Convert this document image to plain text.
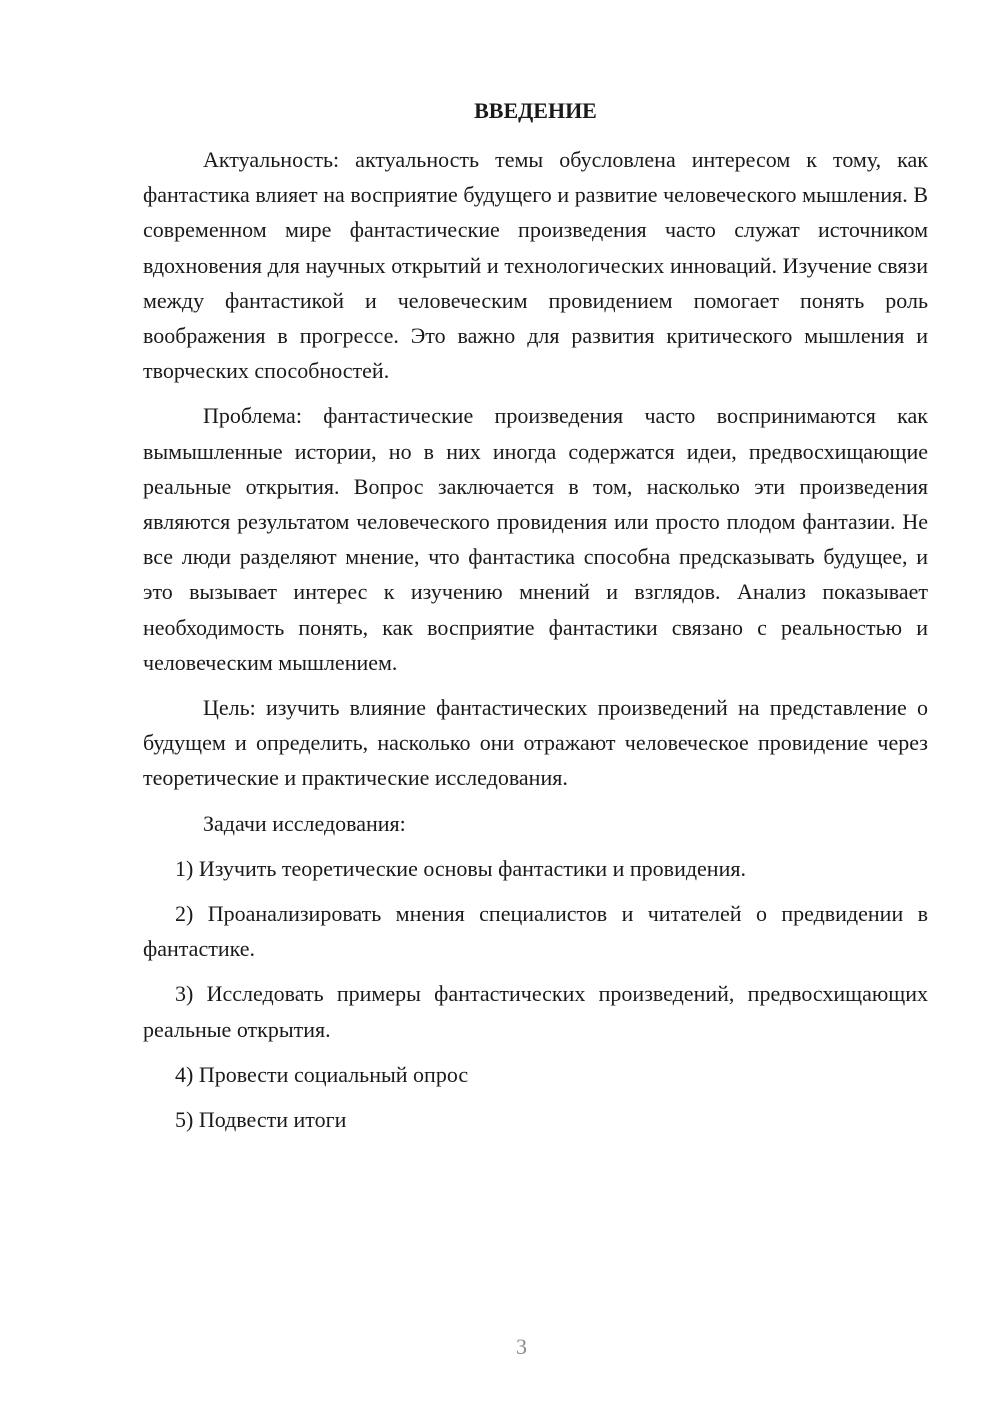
ВВЕДЕНИЕ

Актуальность: актуальность темы обусловлена интересом к тому, как фантастика влияет на восприятие будущего и развитие человеческого мышления. В современном мире фантастические произведения часто служат источником вдохновения для научных открытий и технологических инноваций. Изучение связи между фантастикой и человеческим провидением помогает понять роль воображения в прогрессе. Это важно для развития критического мышления и творческих способностей.

Проблема: фантастические произведения часто воспринимаются как вымышленные истории, но в них иногда содержатся идеи, предвосхищающие реальные открытия. Вопрос заключается в том, насколько эти произведения являются результатом человеческого провидения или просто плодом фантазии. Не все люди разделяют мнение, что фантастика способна предсказывать будущее, и это вызывает интерес к изучению мнений и взглядов. Анализ показывает необходимость понять, как восприятие фантастики связано с реальностью и человеческим мышлением.

Цель: изучить влияние фантастических произведений на представление о будущем и определить, насколько они отражают человеческое провидение через теоретические и практические исследования.

Задачи исследования:

1) Изучить теоретические основы фантастики и провидения.

2) Проанализировать мнения специалистов и читателей о предвидении в фантастике.

3) Исследовать примеры фантастических произведений, предвосхищающих реальные открытия.

4) Провести социальный опрос

5) Подвести итоги

3
